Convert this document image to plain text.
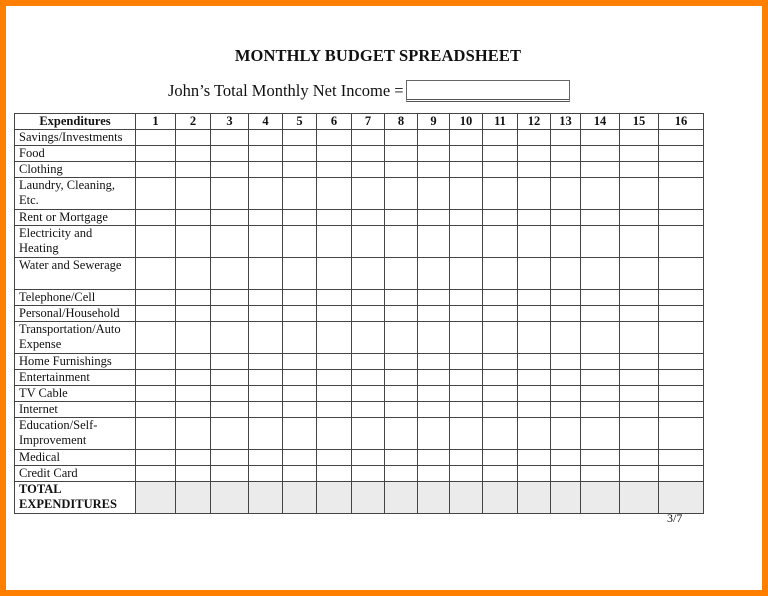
MONTHLY BUDGET SPREADSHEET
John’s Total Monthly Net Income =
Expenditures	1	2	3	4	5	6	7	8	9	10	11	12	13	14	15	16
Savings/Investments																
Food																
Clothing																
Laundry, Cleaning, Etc.																
Rent or Mortgage																
Electricity and Heating																
Water and Sewerage																
Telephone/Cell																
Personal/Household																
Transportation/Auto Expense																
Home Furnishings																
Entertainment																
TV Cable																
Internet																
Education/Self-Improvement																
Medical																
Credit Card																
TOTAL EXPENDITURES																
3/7
